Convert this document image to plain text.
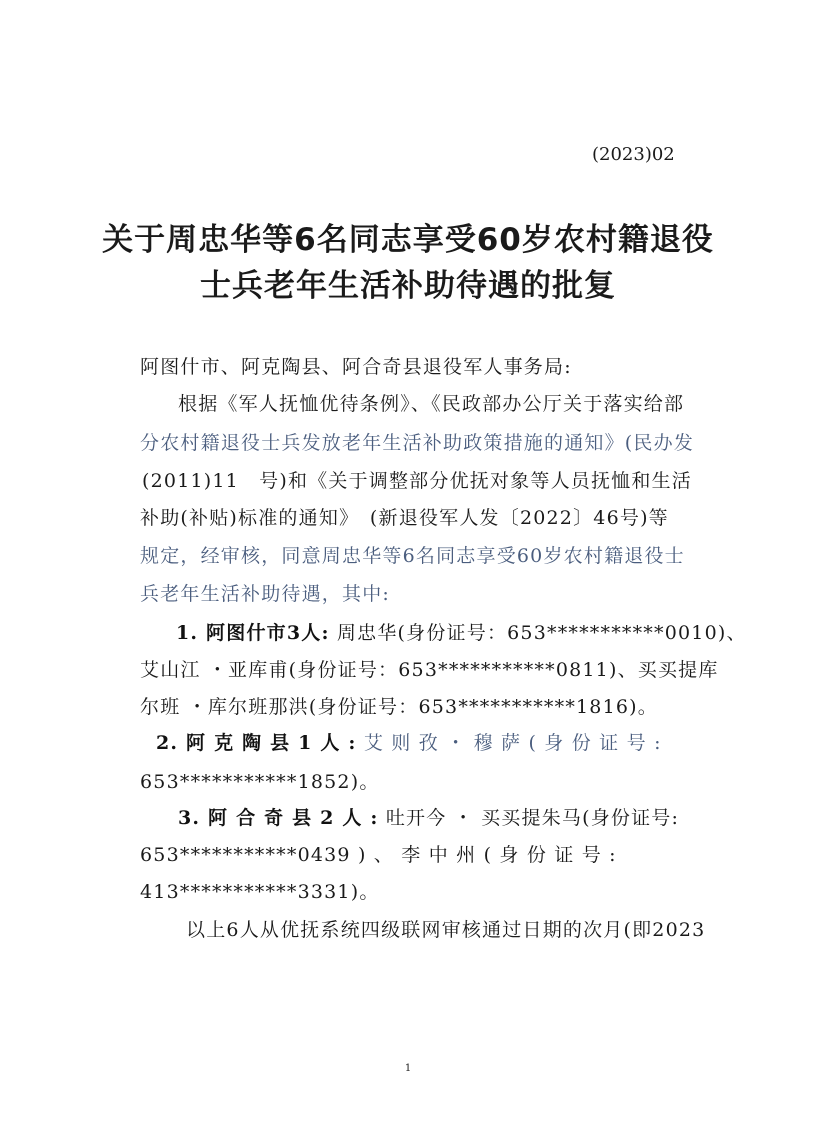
(2023)02
关于周忠华等6名同志享受60岁农村籍退役
士兵老年生活补助待遇的批复
阿图什市、阿克陶县、阿合奇县退役军人事务局:
根据《军人抚恤优待条例》、《民政部办公厅关于落实给部
分农村籍退役士兵发放老年生活补助政策措施的通知》(民办发
(2011)11　号)和《关于调整部分优抚对象等人员抚恤和生活
补助(补贴)标准的通知》　(新退役军人发〔2022〕46号)等
规定，经审核，同意周忠华等6名同志享受60岁农村籍退役士
兵老年生活补助待遇，其中:
1. 阿图什市3人: 周忠华(身份证号：653***********0010)、
艾山江 ・亚库甫(身份证号：653***********0811)、买买提库
尔班 ・库尔班那洪(身份证号：653***********1816)。
2. 阿 克 陶 县 1 人 : 艾 则 孜 ・ 穆 萨 ( 身 份 证 号 :
653***********1852)。
3. 阿 合 奇 县 2 人 : 吐开今 ・ 买买提朱马(身份证号:
653***********0439 ) 、 李 中 州 ( 身 份 证 号 :
413***********3331)。
以上6人从优抚系统四级联网审核通过日期的次月(即2023
1
